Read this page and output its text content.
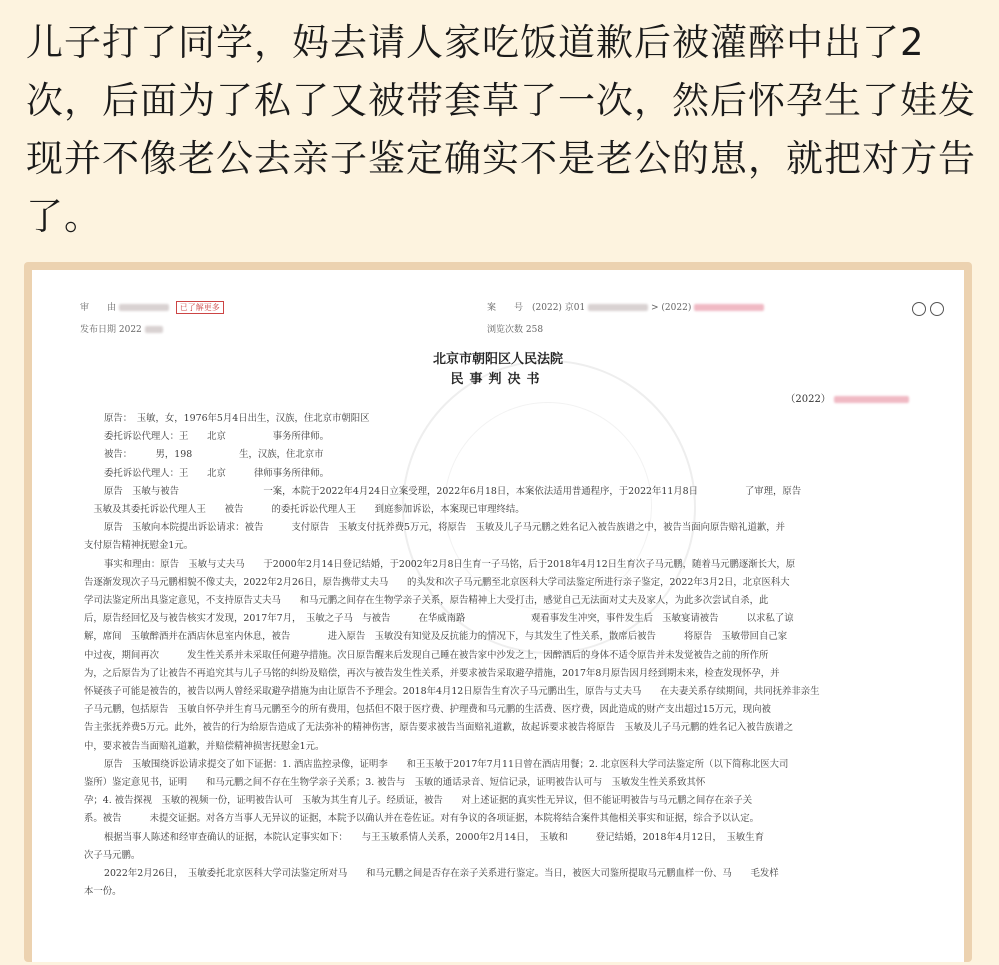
儿子打了同学，妈去请人家吃饭道歉后被灌醉中出了2次，后面为了私了又被带套草了一次，然后怀孕生了娃发现并不像老公去亲子鉴定确实不是老公的崽，就把对方告了。
审　　由	已了解更多
发布日期 2022
案　　号　(2022) 京01	> (2022)
浏览次数 258
北京市朝阳区人民法院
民事判决书
（2022）

原告：　玉敏，女，1976年5月4日出生，汉族，住北京市朝阳区

委托诉讼代理人：王　　北京　　　　　事务所律师。

被告：　　　男，198　　　　　生，汉族，住北京市

委托诉讼代理人：王　　北京　　　律师事务所律师。

原告　玉敏与被告　　　　　　　　　一案，本院于2022年4月24日立案受理，2022年6月18日，本案依法适用普通程序，于2022年11月8日　　　　　了审理，原告

　玉敏及其委托诉讼代理人王　　被告　　　的委托诉讼代理人王　　到庭参加诉讼，本案现已审理终结。

原告　玉敏向本院提出诉讼请求：被告　　　支付原告　玉敏支付抚养费5万元，将原告　玉敏及儿子马元鹏之姓名记入被告族谱之中，被告当面向原告赔礼道歉，并

支付原告精神抚慰金1元。

事实和理由：原告　玉敏与丈夫马　　于2000年2月14日登记结婚，于2002年2月8日生育一子马铭，后于2018年4月12日生育次子马元鹏，随着马元鹏逐渐长大，原

告逐渐发现次子马元鹏相貌不像丈夫，2022年2月26日，原告携带丈夫马　　的头发和次子马元鹏至北京医科大学司法鉴定所进行亲子鉴定，2022年3月2日，北京医科大

学司法鉴定所出具鉴定意见，不支持原告丈夫马　　和马元鹏之间存在生物学亲子关系，原告精神上大受打击，感觉自己无法面对丈夫及家人，为此多次尝试自杀，此

后，原告经回忆及与被告核实才发现，2017年7月，　玉敏之子马　与被告　　　在华威南路　　　　　　　观看事发生冲突，事件发生后　玉敏宴请被告　　　以求私了谅

解，席间　玉敏醉酒并在酒店休息室内休息，被告　　　　进入原告　玉敏没有知觉及反抗能力的情况下，与其发生了性关系，散席后被告　　　将原告　玉敏带回自己家

中过夜，期间再次　　　发生性关系并未采取任何避孕措施。次日原告醒来后发现自己睡在被告家中沙发之上，因醉酒后的身体不适令原告并未发觉被告之前的所作所

为，之后原告为了让被告不再追究其与儿子马铭的纠纷及赔偿，再次与被告发生性关系，并要求被告采取避孕措施，2017年8月原告因月经到期未来，检查发现怀孕，并

怀疑孩子可能是被告的，被告以两人曾经采取避孕措施为由让原告不予理会。2018年4月12日原告生育次子马元鹏出生，原告与丈夫马　　在夫妻关系存续期间，共同抚养非亲生

子马元鹏，包括原告　玉敏自怀孕并生育马元鹏至今的所有费用，包括但不限于医疗费、护理费和马元鹏的生活费、医疗费，因此造成的财产支出超过15万元，现向被

告主张抚养费5万元。此外，被告的行为给原告造成了无法弥补的精神伤害，原告要求被告当面赔礼道歉，故起诉要求被告将原告　玉敏及儿子马元鹏的姓名记入被告族谱之

中，要求被告当面赔礼道歉，并赔偿精神损害抚慰金1元。

原告　玉敏围绕诉讼请求提交了如下证据：1. 酒店监控录像，证明李　　和王玉敏于2017年7月11日曾在酒店用餐；2. 北京医科大学司法鉴定所（以下简称北医大司

鉴所）鉴定意见书，证明　　和马元鹏之间不存在生物学亲子关系；3. 被告与　玉敏的通话录音、短信记录，证明被告认可与　玉敏发生性关系致其怀

孕；4. 被告探视　玉敏的视频一份，证明被告认可　玉敏为其生育儿子。经质证，被告　　对上述证据的真实性无异议，但不能证明被告与马元鹏之间存在亲子关

系。被告　　　未提交证据。对各方当事人无异议的证据，本院予以确认并在卷佐证。对有争议的各项证据，本院将结合案件其他相关事实和证据，综合予以认定。

根据当事人陈述和经审查确认的证据，本院认定事实如下：　　与王玉敏系情人关系，2000年2月14日，　玉敏和　　　登记结婚，2018年4月12日，　玉敏生育

次子马元鹏。

2022年2月26日，　玉敏委托北京医科大学司法鉴定所对马　　和马元鹏之间是否存在亲子关系进行鉴定。当日，被医大司鉴所提取马元鹏血样一份、马　　毛发样

本一份。
